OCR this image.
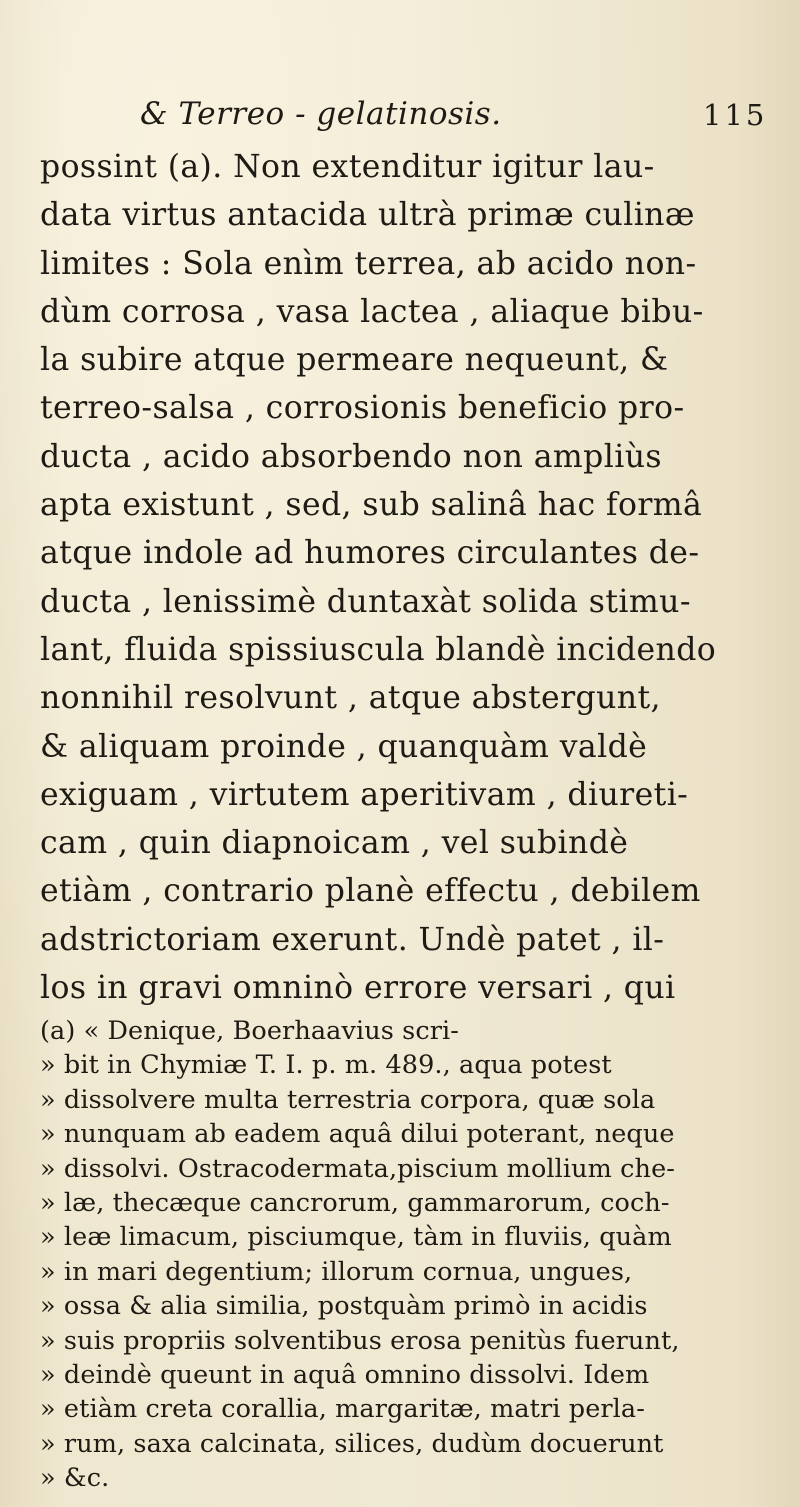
& Terreo - gelatinosis.	115
possint (a). Non extenditur igitur lau-
data virtus antacida ultrà primæ culinæ
limites : Sola enìm terrea, ab acido non-
dùm corrosa , vasa lactea , aliaque bibu-
la subire atque permeare nequeunt, &
terreo-salsa , corrosionis beneficio pro-
ducta , acido absorbendo non ampliùs
apta existunt , sed, sub salinâ hac formâ
atque indole ad humores circulantes de-
ducta , lenissimè duntaxàt solida stimu-
lant, fluida spissiuscula blandè incidendo
nonnihil resolvunt , atque abstergunt,
& aliquam proinde , quanquàm valdè
exiguam , virtutem aperitivam , diureti-
cam , quin diapnoicam , vel subindè
etiàm , contrario planè effectu , debilem
adstrictoriam exerunt. Undè patet , il-
los in gravi omninò errore versari , qui
(a) « Denique, Boerhaavius scri-
» bit in Chymiæ T. I. p. m. 489., aqua potest
» dissolvere multa terrestria corpora, quæ sola
» nunquam ab eadem aquâ dilui poterant, neque
» dissolvi. Ostracodermata,piscium mollium che-
» læ, thecæque cancrorum, gammarorum, coch-
» leæ limacum, pisciumque, tàm in fluviis, quàm
» in mari degentium; illorum cornua, ungues,
» ossa & alia similia, postquàm primò in acidis
» suis propriis solventibus erosa penitùs fuerunt,
» deindè queunt in aquâ omnino dissolvi. Idem
» etiàm creta corallia, margaritæ, matri perla-
» rum, saxa calcinata, silices, dudùm docuerunt
» &c.
